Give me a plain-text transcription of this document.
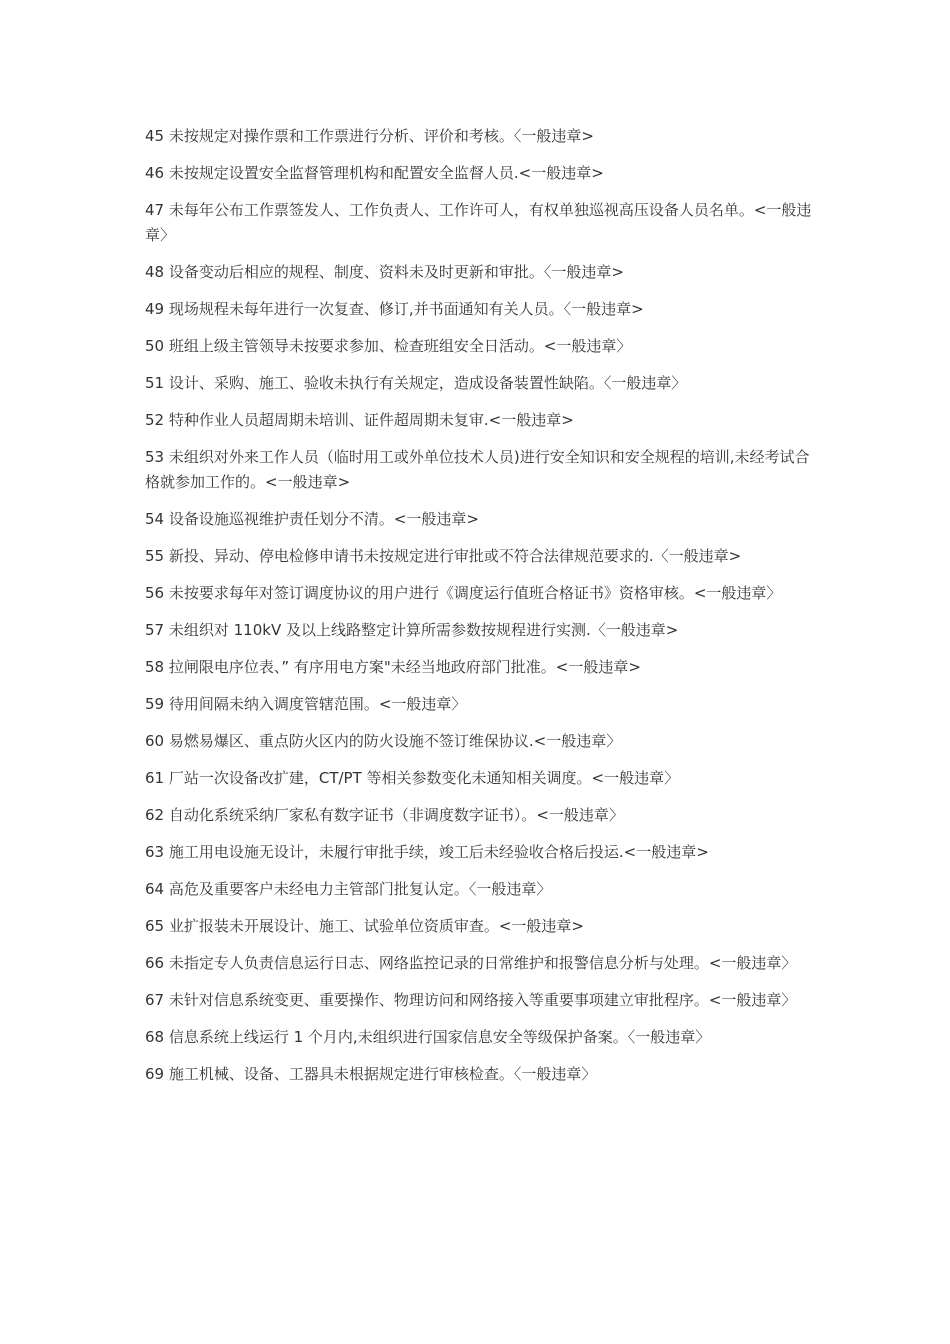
45 未按规定对操作票和工作票进行分析、评价和考核。〈一般违章>

46 未按规定设置安全监督管理机构和配置安全监督人员.<一般违章>

47 未每年公布工作票签发人、工作负责人、工作许可人，有权单独巡视高压设备人员名单。<一般违章〉

48 设备变动后相应的规程、制度、资料未及时更新和审批。〈一般违章>

49 现场规程未每年进行一次复查、修订,并书面通知有关人员。〈一般违章>

50 班组上级主管领导未按要求参加、检查班组安全日活动。<一般违章〉

51 设计、采购、施工、验收未执行有关规定，造成设备装置性缺陷。〈一般违章〉

52 特种作业人员超周期未培训、证件超周期未复审.<一般违章>

53 未组织对外来工作人员（临时用工或外单位技术人员)进行安全知识和安全规程的培训,未经考试合格就参加工作的。<一般违章>

54 设备设施巡视维护责任划分不清。<一般违章>

55 新投、异动、停电检修申请书未按规定进行审批或不符合法律规范要求的.〈一般违章>

56 未按要求每年对签订调度协议的用户进行《调度运行值班合格证书》资格审核。<一般违章〉

57 未组织对 110kV 及以上线路整定计算所需参数按规程进行实测.〈一般违章>

58 拉闸限电序位表、” 有序用电方案"未经当地政府部门批准。<一般违章>

59 待用间隔未纳入调度管辖范围。<一般违章〉

60 易燃易爆区、重点防火区内的防火设施不签订维保协议.<一般违章〉

61 厂站一次设备改扩建，CT/PT 等相关参数变化未通知相关调度。<一般违章〉

62 自动化系统采纳厂家私有数字证书（非调度数字证书）。<一般违章〉

63 施工用电设施无设计，未履行审批手续，竣工后未经验收合格后投运.<一般违章>

64 高危及重要客户未经电力主管部门批复认定。〈一般违章〉

65 业扩报装未开展设计、施工、试验单位资质审查。<一般违章>

66 未指定专人负责信息运行日志、网络监控记录的日常维护和报警信息分析与处理。<一般违章〉

67 未针对信息系统变更、重要操作、物理访问和网络接入等重要事项建立审批程序。<一般违章〉

68 信息系统上线运行 1 个月内,未组织进行国家信息安全等级保护备案。〈一般违章〉

69 施工机械、设备、工器具未根据规定进行审核检查。〈一般违章〉
